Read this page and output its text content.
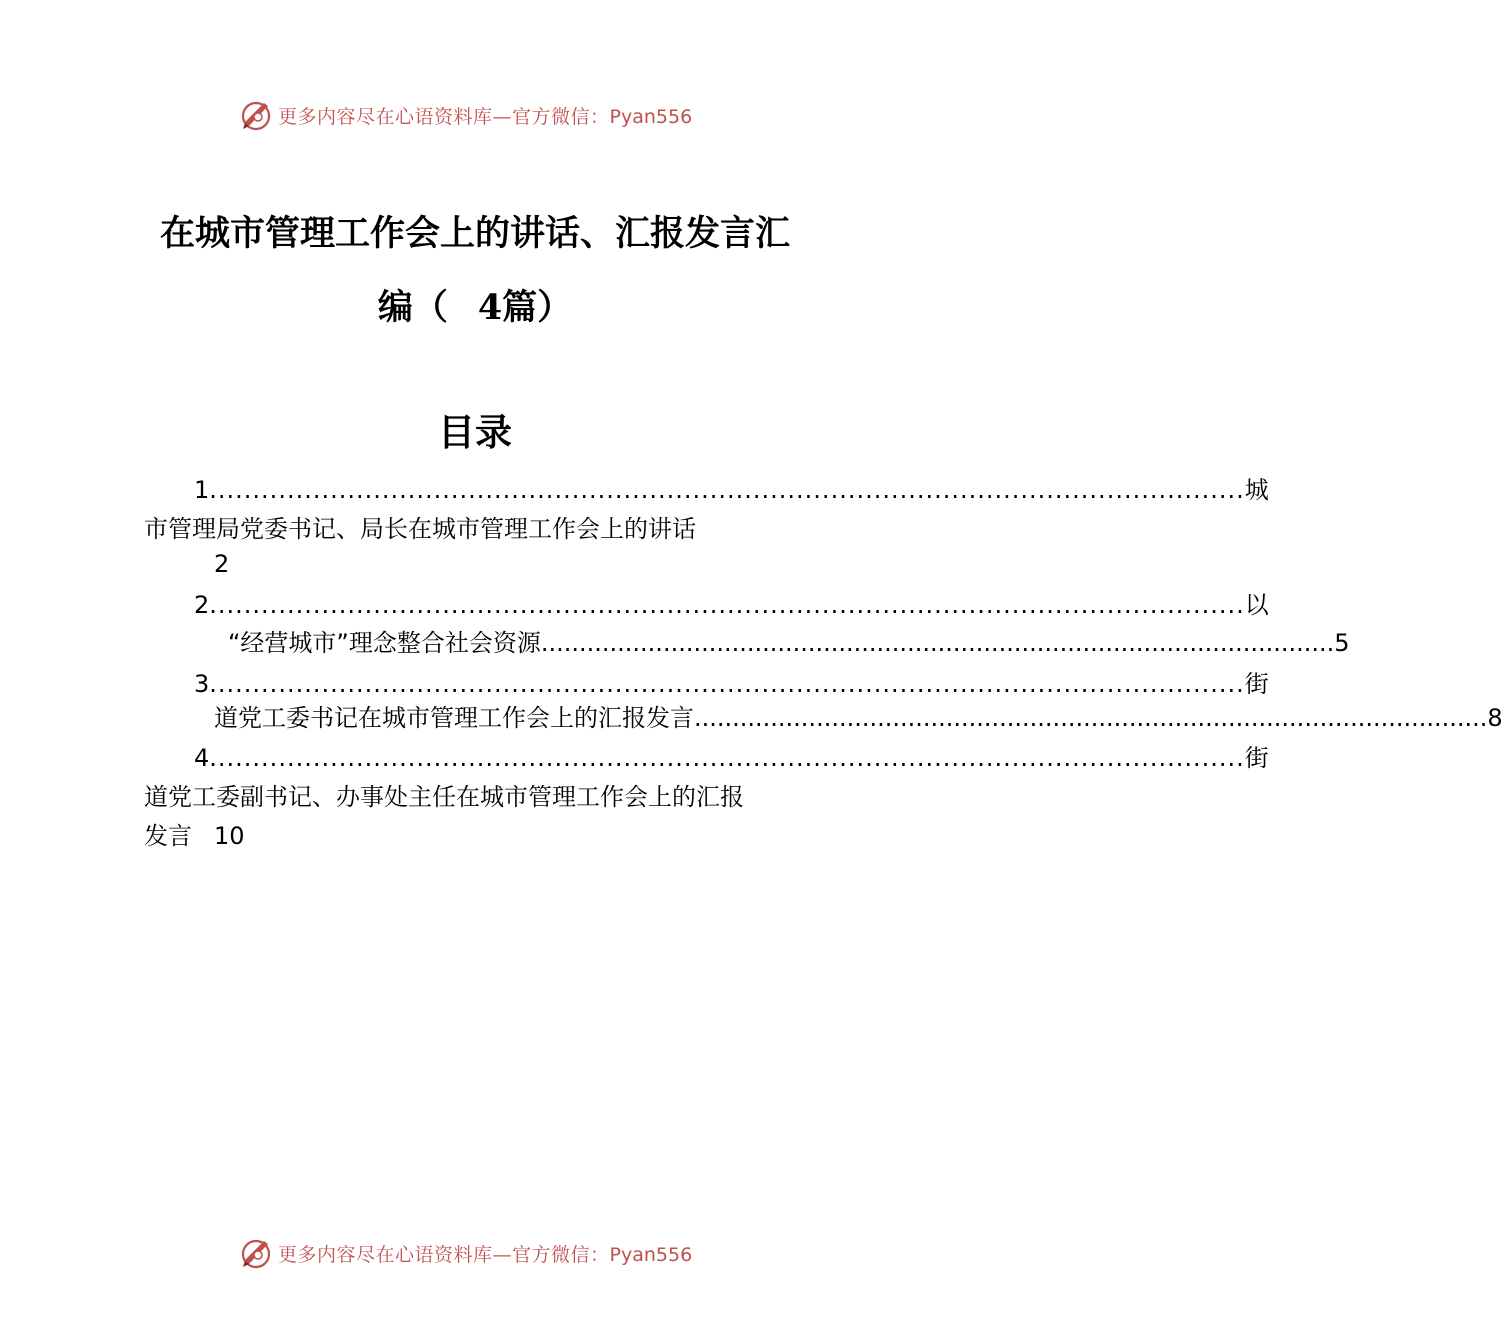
更多内容尽在心语资料库—官方微信：Pyan556
在城市管理工作会上的讲话、汇报发言汇
编（ 4篇）
目录
1 ........................................................................................................................ 城
市管理局党委书记、局长在城市管理工作会上的讲话
2
2 ........................................................................................................................ 以
“经营城市”理念整合社会资源 ........................................................................................................ 5
3 ........................................................................................................................ 街
道党工委书记在城市管理工作会上的汇报发言 ........................................................................................................ 8
4 ........................................................................................................................ 街
道党工委副书记、办事处主任在城市管理工作会上的汇报
发言 10
更多内容尽在心语资料库—官方微信：Pyan556
